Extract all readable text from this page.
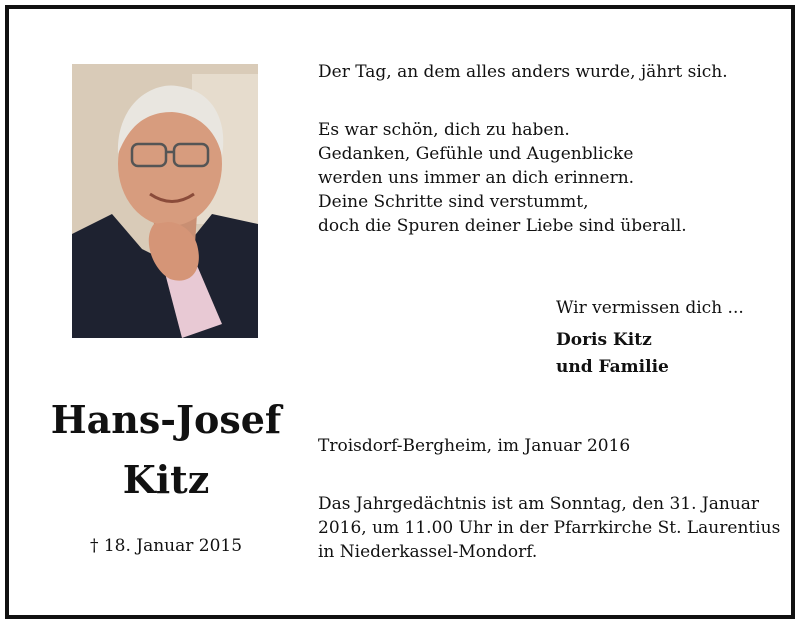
Hans-Josef
Kitz
† 18. Januar 2015
Der Tag, an dem alles anders wurde, jährt sich.
Es war schön, dich zu haben.
Gedanken, Gefühle und Augenblicke
werden uns immer an dich erinnern.
Deine Schritte sind verstummt,
doch die Spuren deiner Liebe sind überall.
Wir vermissen dich ...
Doris Kitz
und Familie
Troisdorf-Bergheim, im Januar 2016
Das Jahrgedächtnis ist am Sonntag, den 31. Januar
2016, um 11.00 Uhr in der Pfarrkirche St. Laurentius
in Niederkassel-Mondorf.
